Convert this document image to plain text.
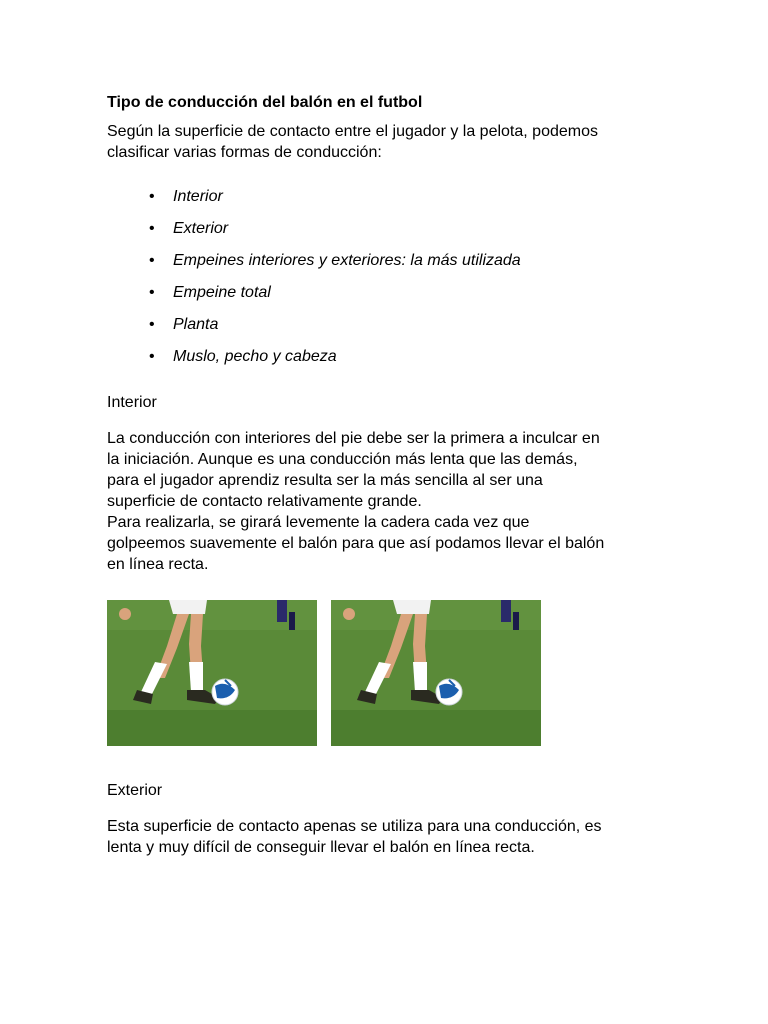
Tipo de conducción del balón en el futbol

Según la superficie de contacto entre el jugador y la pelota, podemos
clasificar varias formas de conducción:
• Interior
• Exterior
• Empeines interiores y exteriores: la más utilizada
• Empeine total
• Planta
• Muslo, pecho y cabeza

Interior

La conducción con interiores del pie debe ser la primera a inculcar en
la iniciación. Aunque es una conducción más lenta que las demás,
para el jugador aprendiz resulta ser la más sencilla al ser una
superficie de contacto relativamente grande.
Para realizarla, se girará levemente la cadera cada vez que
golpeemos suavemente el balón para que así podamos llevar el balón
en línea recta.

Exterior

Esta superficie de contacto apenas se utiliza para una conducción, es
lenta y muy difícil de conseguir llevar el balón en línea recta.
